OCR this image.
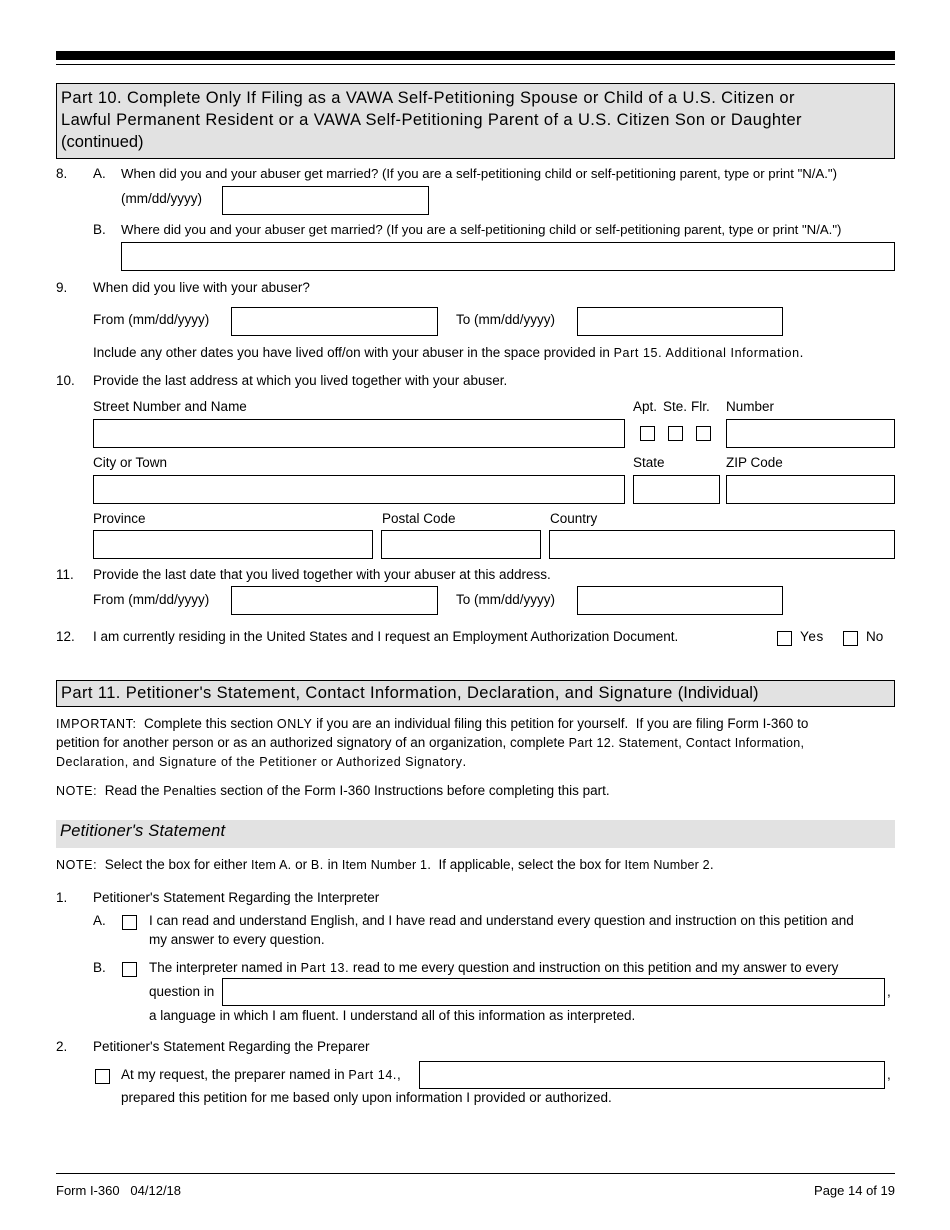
Part 10. Complete Only If Filing as a VAWA Self-Petitioning Spouse or Child of a U.S. Citizen or
Lawful Permanent Resident or a VAWA Self-Petitioning Parent of a U.S. Citizen Son or Daughter
(continued)
8. A. When did you and your abuser get married? (If you are a self-petitioning child or self-petitioning parent, type or print "N/A.")
(mm/dd/yyyy)
B. Where did you and your abuser get married? (If you are a self-petitioning child or self-petitioning parent, type or print "N/A.")
9. When did you live with your abuser?
From (mm/dd/yyyy)	To (mm/dd/yyyy)
Include any other dates you have lived off/on with your abuser in the space provided in Part 15. Additional Information.
10. Provide the last address at which you lived together with your abuser.
Street Number and Name	Apt. Ste. Flr. Number
City or Town	State	ZIP Code
Province	Postal Code	Country
11. Provide the last date that you lived together with your abuser at this address.
From (mm/dd/yyyy)	To (mm/dd/yyyy)
12. I am currently residing in the United States and I request an Employment Authorization Document.	Yes	No
Part 11. Petitioner's Statement, Contact Information, Declaration, and Signature (Individual)
IMPORTANT:  Complete this section ONLY if you are an individual filing this petition for yourself.  If you are filing Form I-360 to
petition for another person or as an authorized signatory of an organization, complete Part 12. Statement, Contact Information,
Declaration, and Signature of the Petitioner or Authorized Signatory.
NOTE:  Read the Penalties section of the Form I-360 Instructions before completing this part.
Petitioner's Statement
NOTE:  Select the box for either Item A. or B. in Item Number 1.  If applicable, select the box for Item Number 2.
1. Petitioner's Statement Regarding the Interpreter
A.	I can read and understand English, and I have read and understand every question and instruction on this petition and
my answer to every question.
B.	The interpreter named in Part 13. read to me every question and instruction on this petition and my answer to every
question in	,
a language in which I am fluent. I understand all of this information as interpreted.
2. Petitioner's Statement Regarding the Preparer
At my request, the preparer named in Part 14.,	,
prepared this petition for me based only upon information I provided or authorized.
Form I-360   04/12/18	Page 14 of 19
